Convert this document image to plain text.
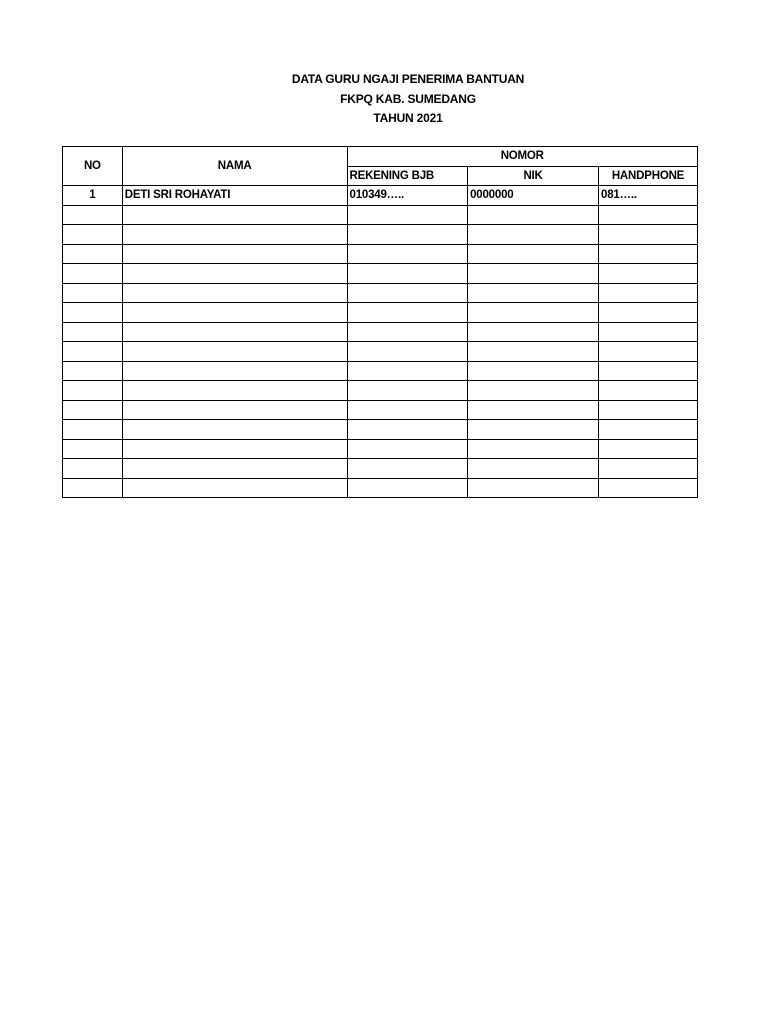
DATA GURU NGAJI PENERIMA BANTUAN
FKPQ KAB. SUMEDANG
TAHUN 2021
NO	NAMA	NOMOR		
		REKENING BJB	NIK	HANDPHONE
1	DETI SRI ROHAYATI	010349…..	0000000	081…..
